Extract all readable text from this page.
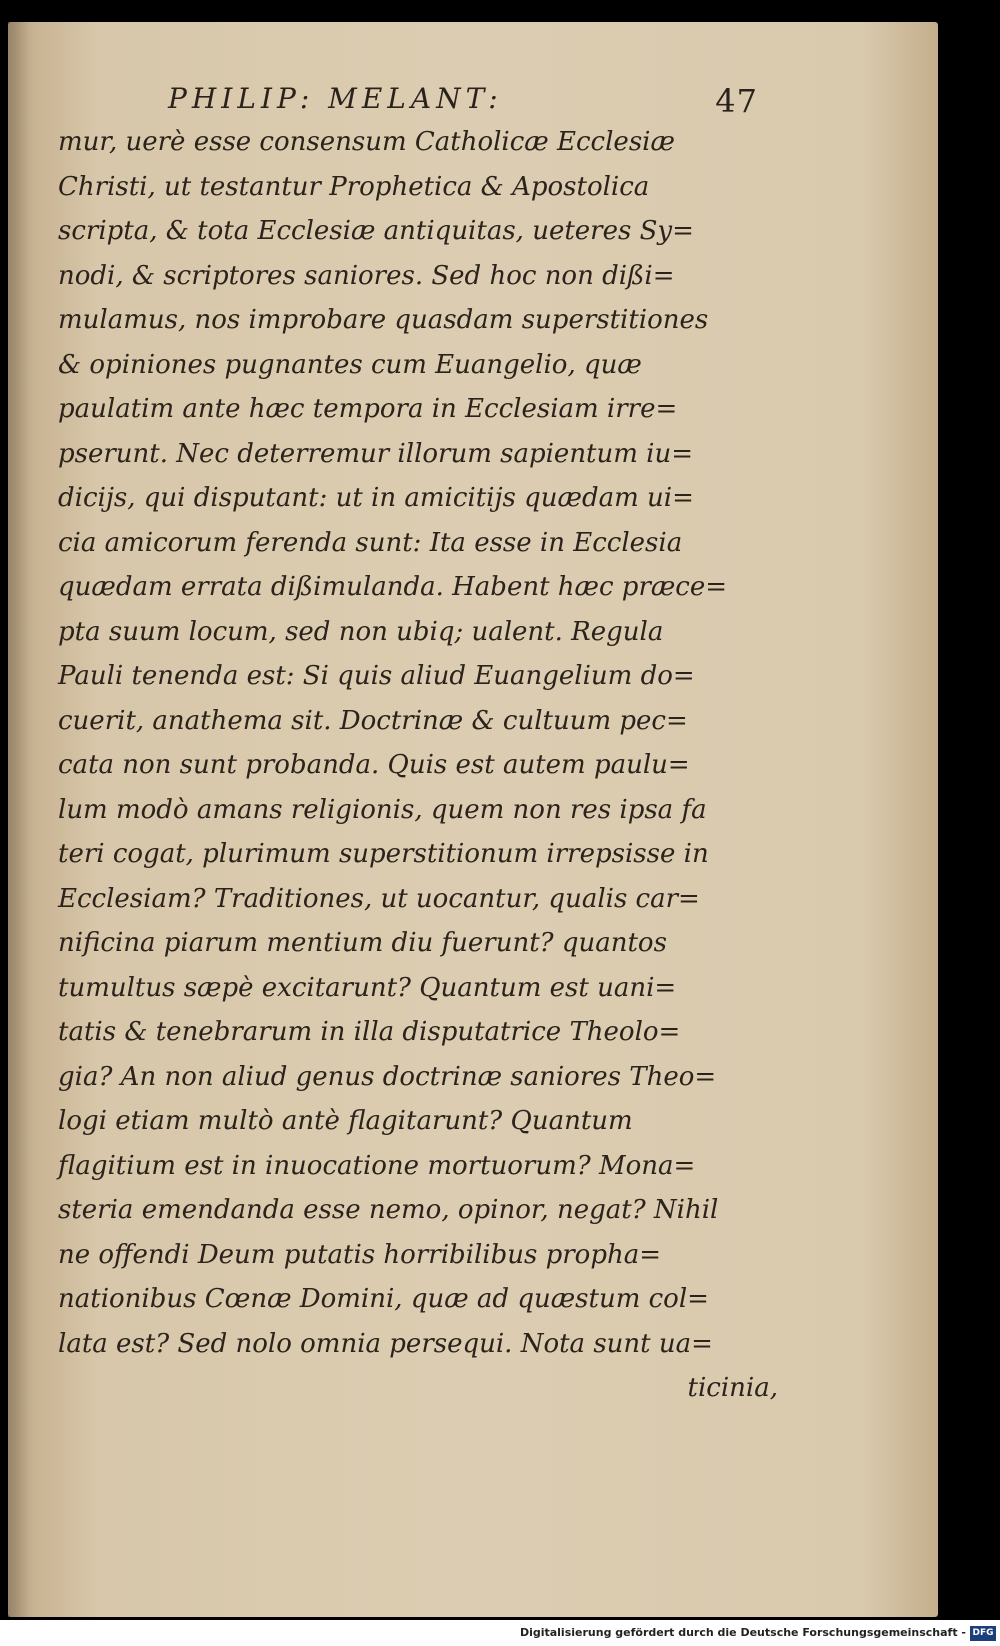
PHILIP: MELANT:	47
mur, uerè esse consensum Catholicæ Ecclesiæ
Christi, ut testantur Prophetica & Apostolica
scripta, & tota Ecclesiæ antiquitas, ueteres Sy=
nodi, & scriptores saniores. Sed hoc non dißi=
mulamus, nos improbare quasdam superstitiones
& opiniones pugnantes cum Euangelio, quæ
paulatim ante hæc tempora in Ecclesiam irre=
pserunt. Nec deterremur illorum sapientum iu=
dicijs, qui disputant: ut in amicitijs quædam ui=
cia amicorum ferenda sunt: Ita esse in Ecclesia
quædam errata dißimulanda. Habent hæc præce=
pta suum locum, sed non ubiq; ualent. Regula
Pauli tenenda est: Si quis aliud Euangelium do=
cuerit, anathema sit. Doctrinæ & cultuum pec=
cata non sunt probanda. Quis est autem paulu=
lum modò amans religionis, quem non res ipsa fa
teri cogat, plurimum superstitionum irrepsisse in
Ecclesiam? Traditiones, ut uocantur, qualis car=
nificina piarum mentium diu fuerunt? quantos
tumultus sæpè excitarunt? Quantum est uani=
tatis & tenebrarum in illa disputatrice Theolo=
gia? An non aliud genus doctrinæ saniores Theo=
logi etiam multò antè flagitarunt? Quantum
flagitium est in inuocatione mortuorum? Mona=
steria emendanda esse nemo, opinor, negat? Nihil
ne offendi Deum putatis horribilibus propha=
nationibus Cœnæ Domini, quæ ad quæstum col=
lata est? Sed nolo omnia persequi. Nota sunt ua=
ticinia,
Digitalisierung gefördert durch die Deutsche Forschungsgemeinschaft - DFG
